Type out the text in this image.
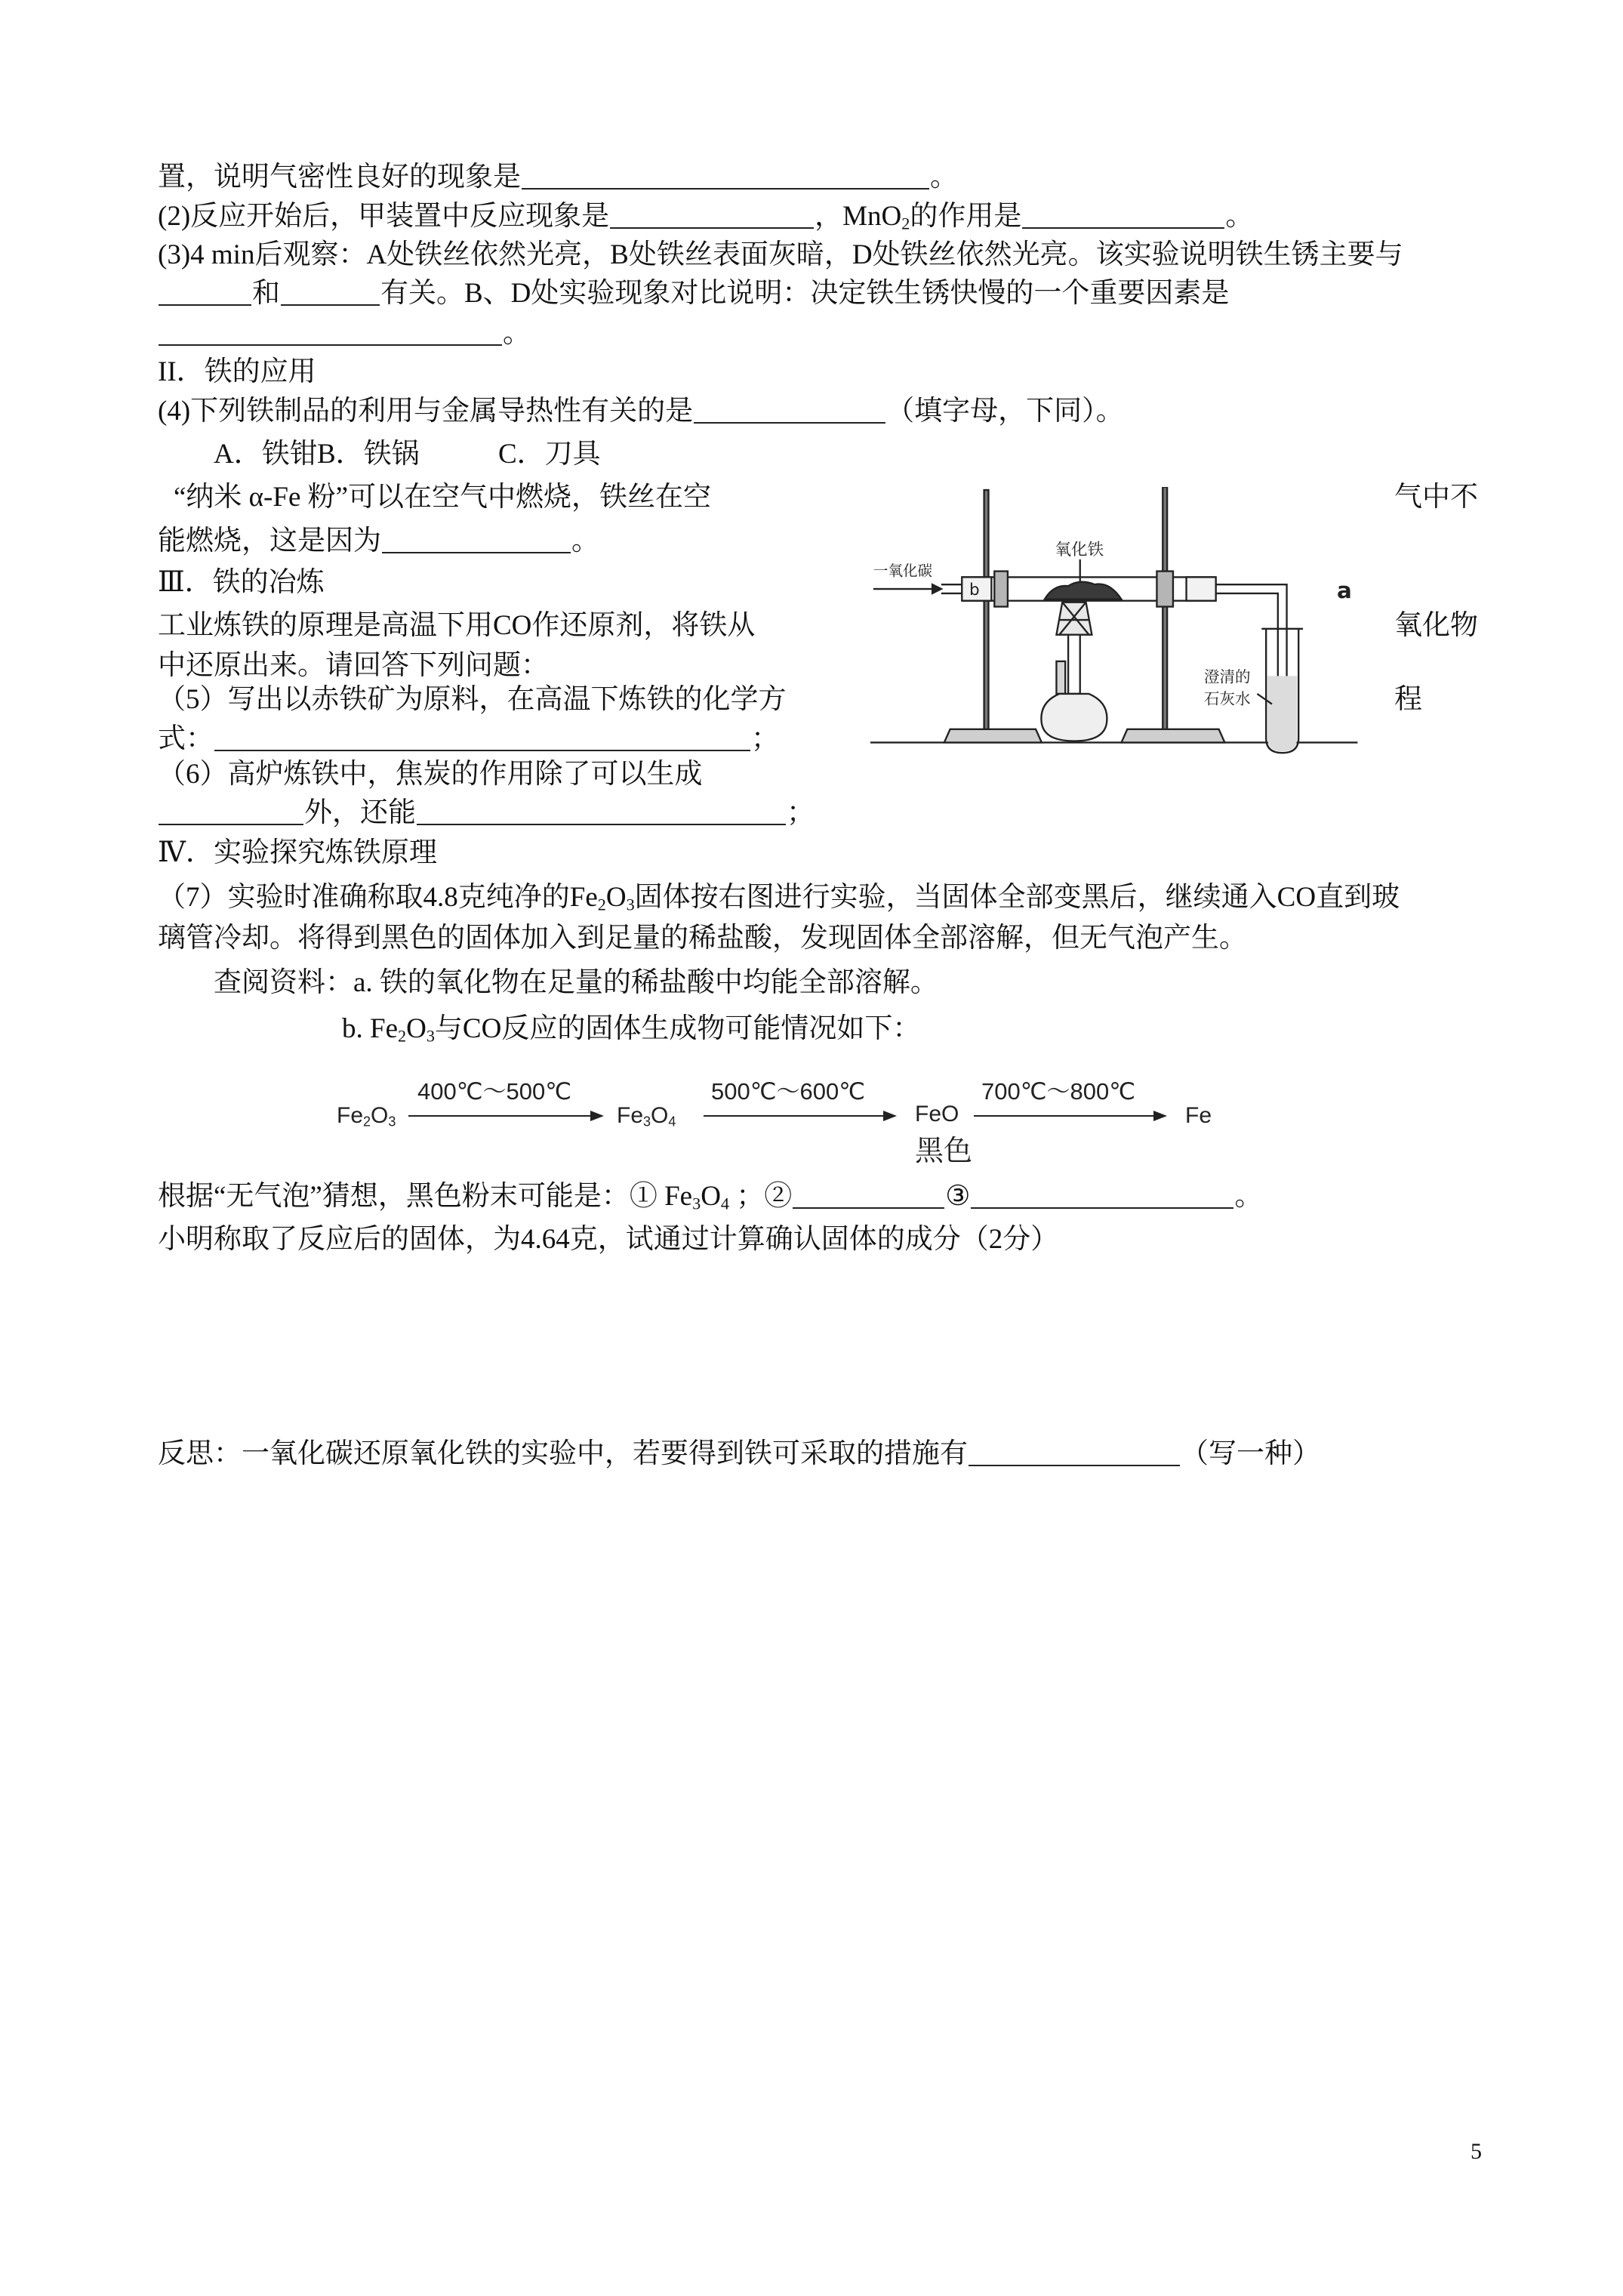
置，说明气密性良好的现象是	。
(2)反应开始后，甲装置中反应现象是	，MnO$_2$的作用是	。
(3)4 min后观察：A处铁丝依然光亮，B处铁丝表面灰暗，D处铁丝依然光亮。该实验说明铁生锈主要与
和	有关。B、D处实验现象对比说明：决定铁生锈快慢的一个重要因素是
。
II．铁的应用
(4)下列铁制品的利用与金属导热性有关的是	（填字母，下同）。
A．铁钳 B．铁锅	C．刀具
“纳米 α-Fe 粉”可以在空气中燃烧，铁丝在空	气中不
能燃烧，这是因为	。
Ⅲ．铁的冶炼
工业炼铁的原理是高温下用CO作还原剂，将铁从	氧化物
中还原出来。请回答下列问题：
（5）写出以赤铁矿为原料，在高温下炼铁的化学方	程
式：	；
（6）高炉炼铁中，焦炭的作用除了可以生成
外，还能	；
Ⅳ．实验探究炼铁原理
（7）实验时准确称取4.8克纯净的$Fe_2O_3$固体按右图进行实验，当固体全部变黑后，继续通入CO直到玻
璃管冷却。将得到黑色的固体加入到足量的稀盐酸，发现固体全部溶解，但无气泡产生。
查阅资料：a. 铁的氧化物在足量的稀盐酸中均能全部溶解。
b. $Fe_2O_3$与CO反应的固体生成物可能情况如下：
$Fe_2O_3$
400℃～500℃
$Fe_3O_4$
500℃～600℃
FeO
黑色
700℃～800℃
Fe
根据“无气泡”猜想，黑色粉末可能是：① $Fe_3O_4$ ；②	③	。
小明称取了反应后的固体，为4.64克，试通过计算确认固体的成分（2分）
反思：一氧化碳还原氧化铁的实验中，若要得到铁可采取的措施有	（写一种）
一氧化碳
氧化铁
b
澄清的
石灰水
a
5
